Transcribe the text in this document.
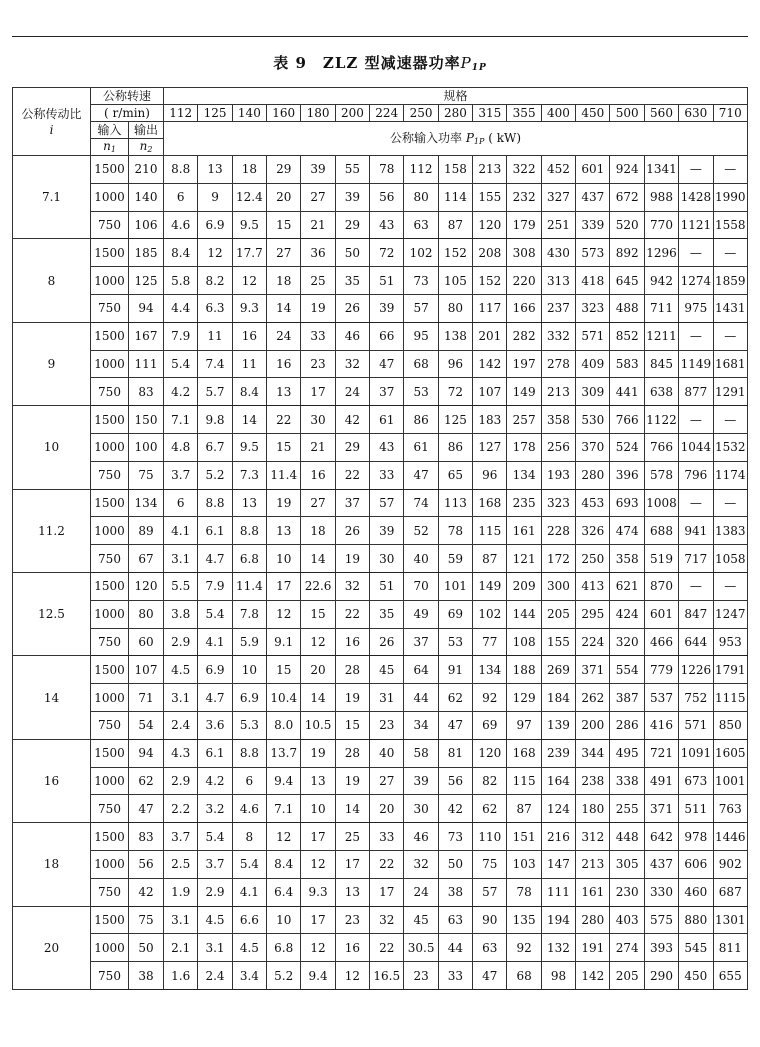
表 9　ZLZ 型减速器功率$P_{1P}$
公称传动比
i	公称转速		规格																
	( r/min)		112	125	140	160	180	200	224	250	280	315	355	400	450	500	560	630	710
	输入	输出	公称输入功率 P1P ( kW)																
	n1	n2																	
7.1	1500	210	8.8	13	18	29	39	55	78	112	158	213	322	452	601	924	1341	—	—
	1000	140	6	9	12.4	20	27	39	56	80	114	155	232	327	437	672	988	1428	1990
	750	106	4.6	6.9	9.5	15	21	29	43	63	87	120	179	251	339	520	770	1121	1558
8	1500	185	8.4	12	17.7	27	36	50	72	102	152	208	308	430	573	892	1296	—	—
	1000	125	5.8	8.2	12	18	25	35	51	73	105	152	220	313	418	645	942	1274	1859
	750	94	4.4	6.3	9.3	14	19	26	39	57	80	117	166	237	323	488	711	975	1431
9	1500	167	7.9	11	16	24	33	46	66	95	138	201	282	332	571	852	1211	—	—
	1000	111	5.4	7.4	11	16	23	32	47	68	96	142	197	278	409	583	845	1149	1681
	750	83	4.2	5.7	8.4	13	17	24	37	53	72	107	149	213	309	441	638	877	1291
10	1500	150	7.1	9.8	14	22	30	42	61	86	125	183	257	358	530	766	1122	—	—
	1000	100	4.8	6.7	9.5	15	21	29	43	61	86	127	178	256	370	524	766	1044	1532
	750	75	3.7	5.2	7.3	11.4	16	22	33	47	65	96	134	193	280	396	578	796	1174
11.2	1500	134	6	8.8	13	19	27	37	57	74	113	168	235	323	453	693	1008	—	—
	1000	89	4.1	6.1	8.8	13	18	26	39	52	78	115	161	228	326	474	688	941	1383
	750	67	3.1	4.7	6.8	10	14	19	30	40	59	87	121	172	250	358	519	717	1058
12.5	1500	120	5.5	7.9	11.4	17	22.6	32	51	70	101	149	209	300	413	621	870	—	—
	1000	80	3.8	5.4	7.8	12	15	22	35	49	69	102	144	205	295	424	601	847	1247
	750	60	2.9	4.1	5.9	9.1	12	16	26	37	53	77	108	155	224	320	466	644	953
14	1500	107	4.5	6.9	10	15	20	28	45	64	91	134	188	269	371	554	779	1226	1791
	1000	71	3.1	4.7	6.9	10.4	14	19	31	44	62	92	129	184	262	387	537	752	1115
	750	54	2.4	3.6	5.3	8.0	10.5	15	23	34	47	69	97	139	200	286	416	571	850
16	1500	94	4.3	6.1	8.8	13.7	19	28	40	58	81	120	168	239	344	495	721	1091	1605
	1000	62	2.9	4.2	6	9.4	13	19	27	39	56	82	115	164	238	338	491	673	1001
	750	47	2.2	3.2	4.6	7.1	10	14	20	30	42	62	87	124	180	255	371	511	763
18	1500	83	3.7	5.4	8	12	17	25	33	46	73	110	151	216	312	448	642	978	1446
	1000	56	2.5	3.7	5.4	8.4	12	17	22	32	50	75	103	147	213	305	437	606	902
	750	42	1.9	2.9	4.1	6.4	9.3	13	17	24	38	57	78	111	161	230	330	460	687
20	1500	75	3.1	4.5	6.6	10	17	23	32	45	63	90	135	194	280	403	575	880	1301
	1000	50	2.1	3.1	4.5	6.8	12	16	22	30.5	44	63	92	132	191	274	393	545	811
	750	38	1.6	2.4	3.4	5.2	9.4	12	16.5	23	33	47	68	98	142	205	290	450	655
